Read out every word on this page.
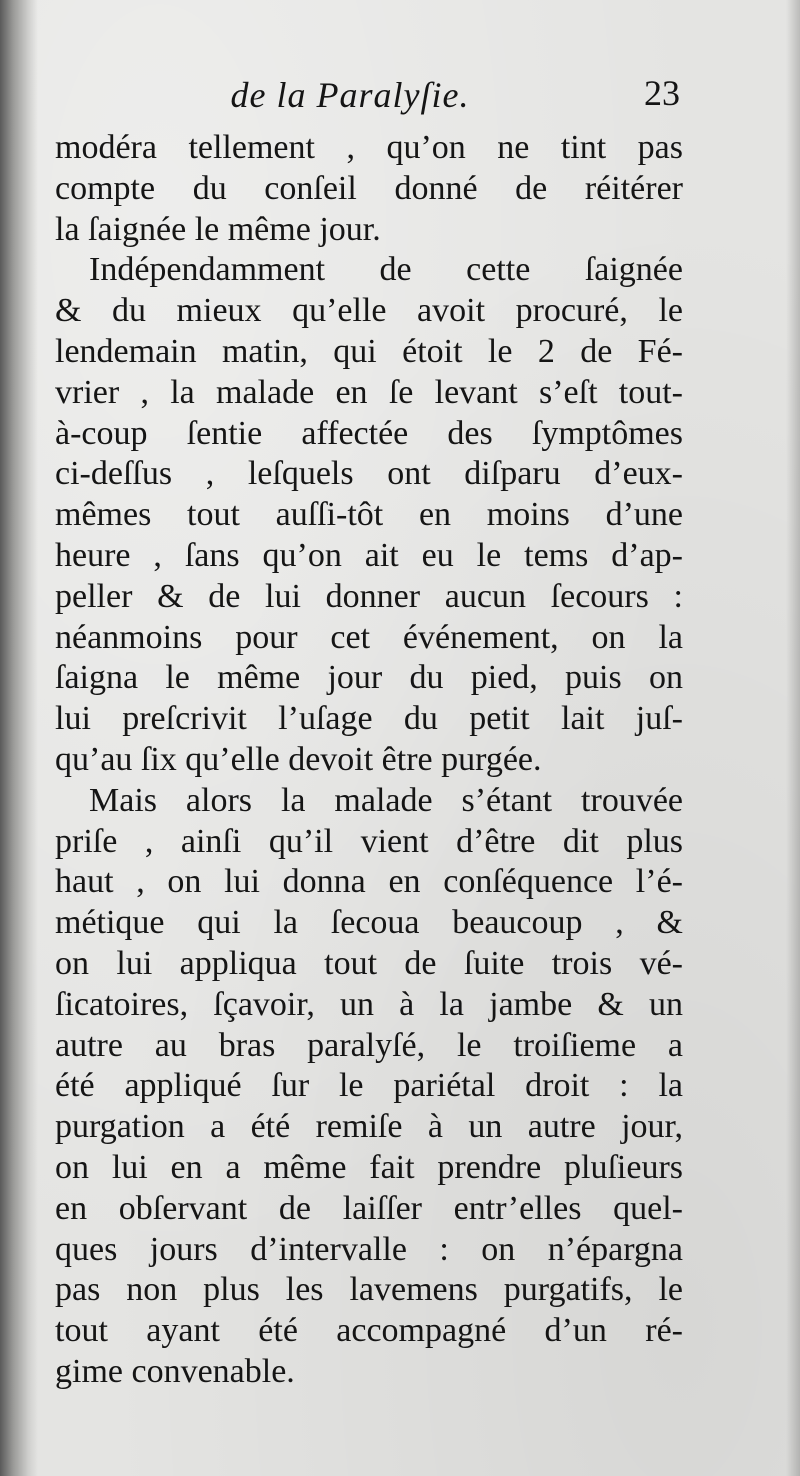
de la Paralyſie.	23
modéra tellement , qu’on ne tint pas
compte du conſeil donné de réitérer
la ſaignée le même jour.
Indépendamment de cette ſaignée
& du mieux qu’elle avoit procuré, le
lendemain matin, qui étoit le 2 de Fé-
vrier , la malade en ſe levant s’eſt tout-
à-coup ſentie affectée des ſymptômes
ci-deſſus , leſquels ont diſparu d’eux-
mêmes tout auſſi-tôt en moins d’une
heure , ſans qu’on ait eu le tems d’ap-
peller & de lui donner aucun ſecours :
néanmoins pour cet événement, on la
ſaigna le même jour du pied, puis on
lui preſcrivit l’uſage du petit lait juſ-
qu’au ſix qu’elle devoit être purgée.
Mais alors la malade s’étant trouvée
priſe , ainſi qu’il vient d’être dit plus
haut , on lui donna en conſéquence l’é-
métique qui la ſecoua beaucoup , &
on lui appliqua tout de ſuite trois vé-
ſicatoires, ſçavoir, un à la jambe & un
autre au bras paralyſé, le troiſieme a
été appliqué ſur le pariétal droit : la
purgation a été remiſe à un autre jour,
on lui en a même fait prendre pluſieurs
en obſervant de laiſſer entr’elles quel-
ques jours d’intervalle : on n’épargna
pas non plus les lavemens purgatifs, le
tout ayant été accompagné d’un ré-
gime convenable.
